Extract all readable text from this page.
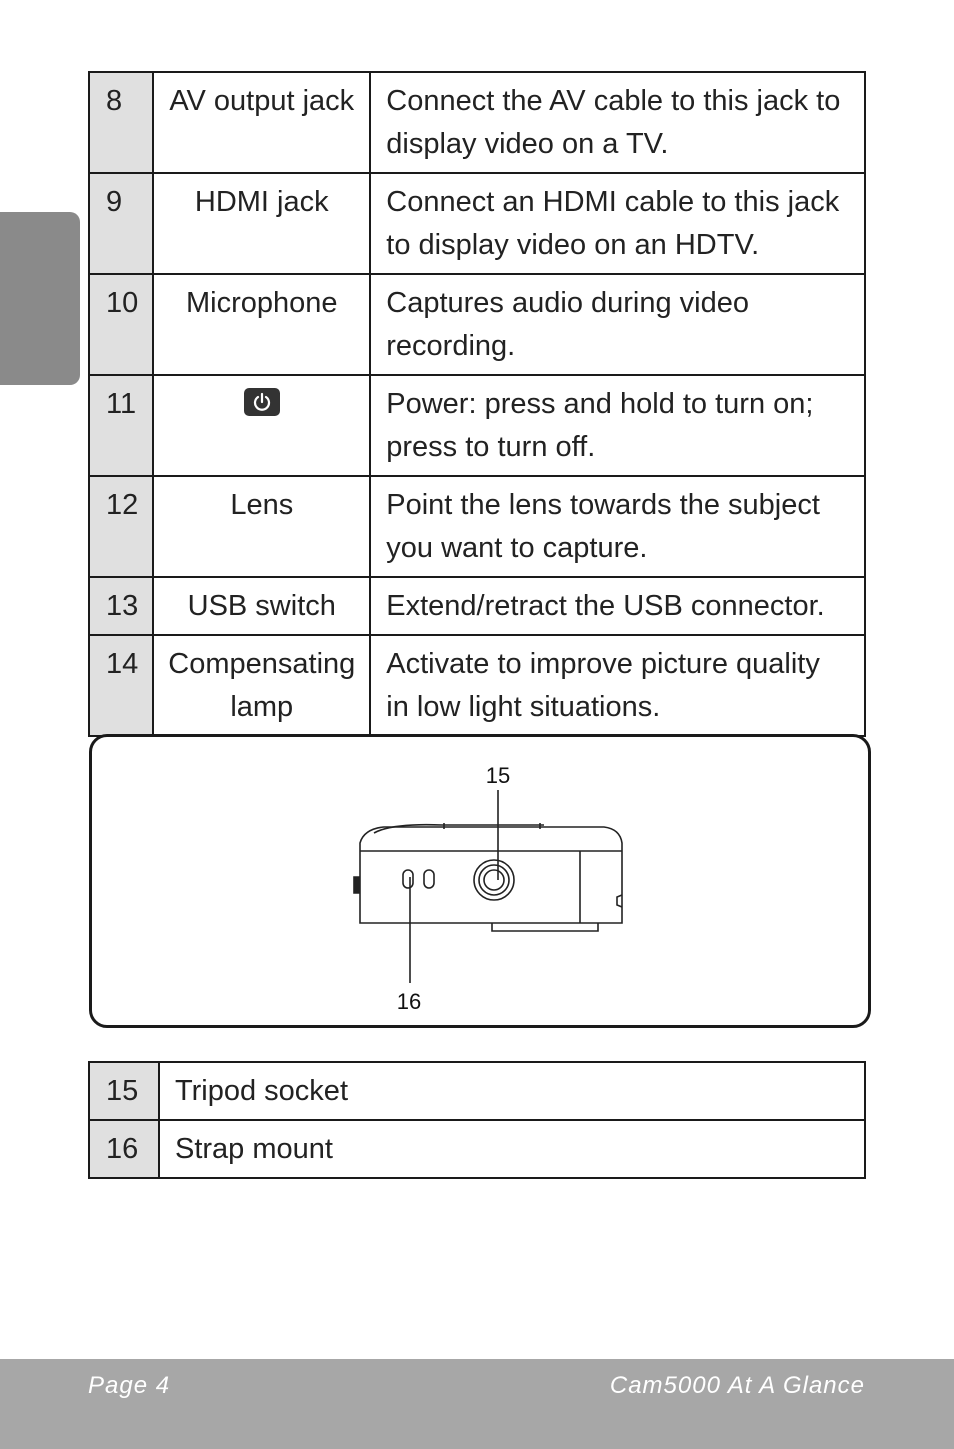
English
8	AV output jack	Connect the AV cable to this jack to display video on a TV.
9	HDMI jack	Connect an HDMI cable to this jack to display video on an HDTV.
10	Microphone	Captures audio during video recording.
11		Power: press and hold to turn on;
press to turn off.
12	Lens	Point the lens towards the subject you want to capture.
13	USB switch	Extend/retract the USB connector.
14	Compensating lamp	Activate to improve picture quality in low light situations.
15
16
15	Tripod socket
16	Strap mount
Page 4	Cam5000 At A Glance
